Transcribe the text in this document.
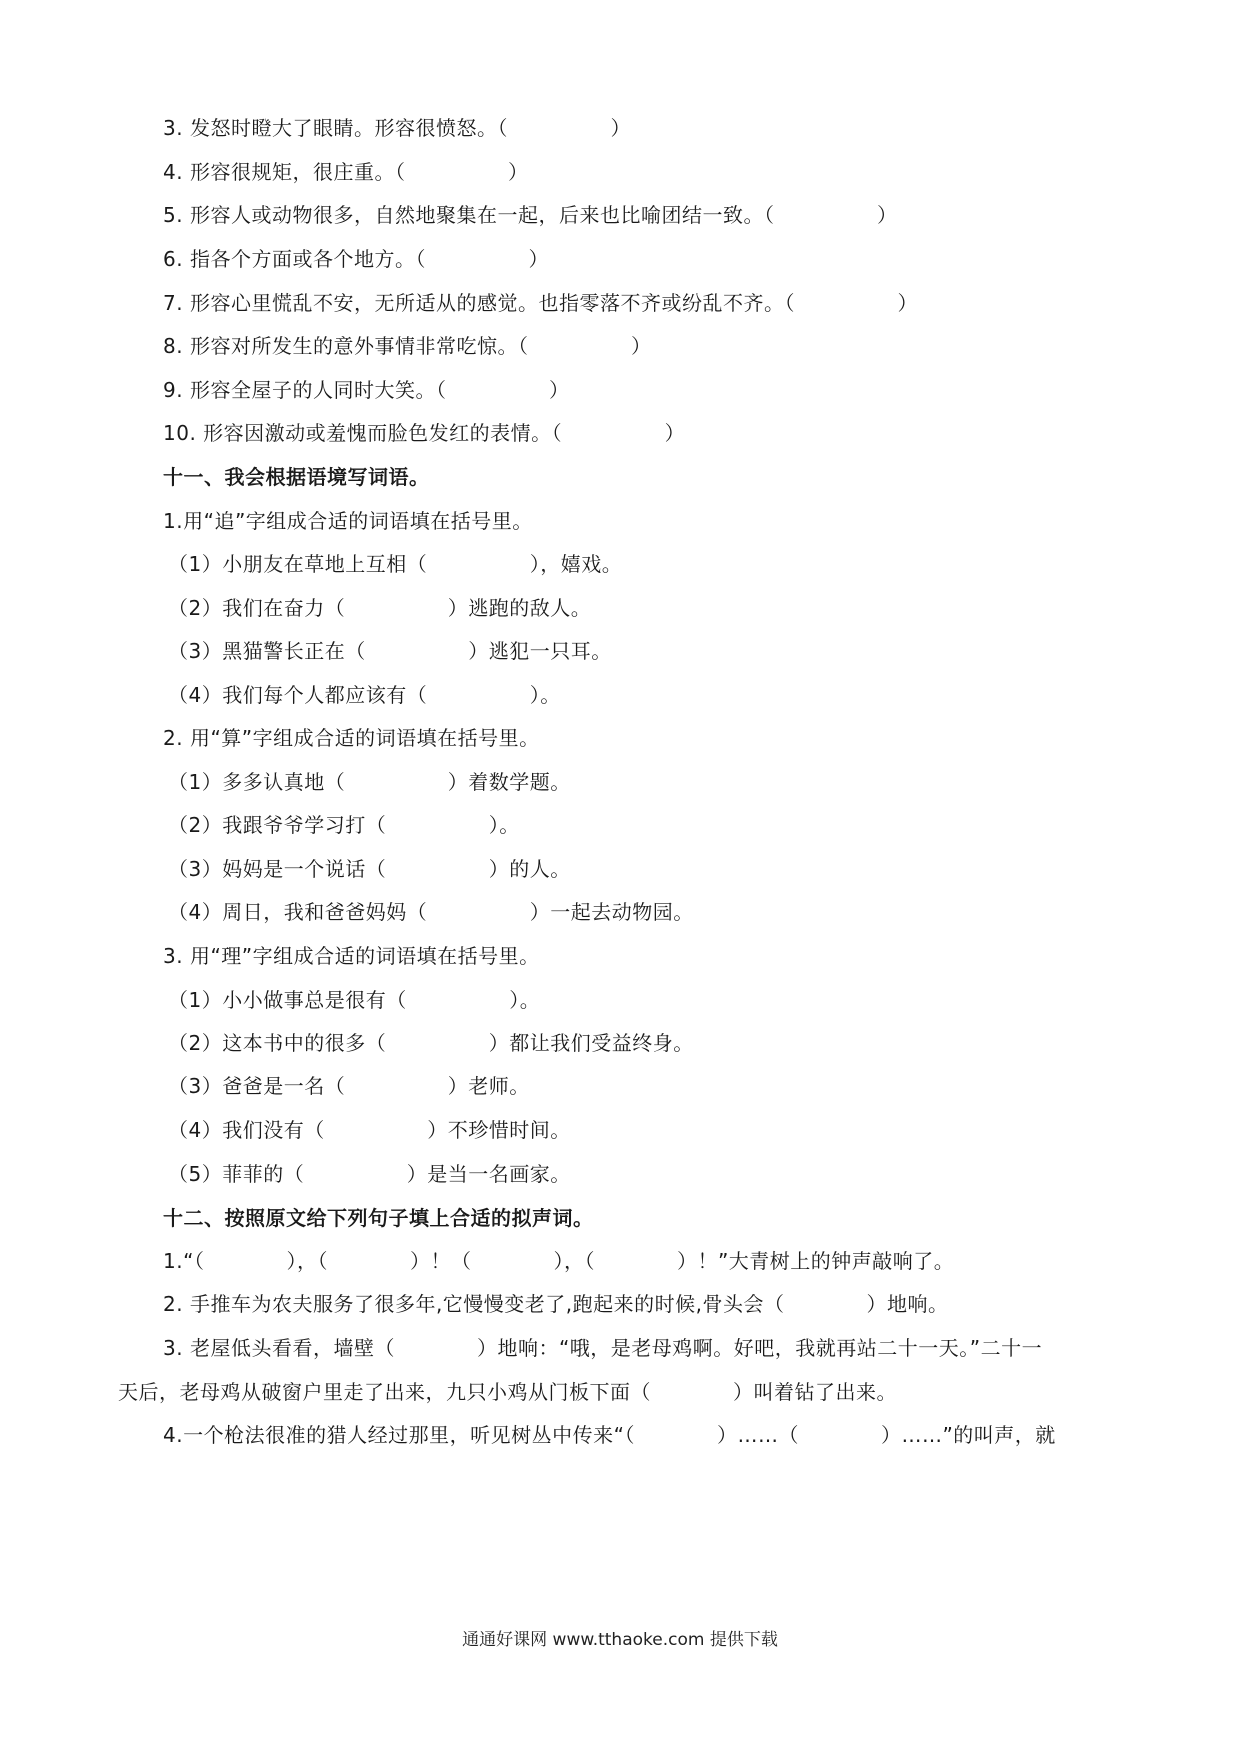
3. 发怒时瞪大了眼睛。形容很愤怒。（　　　　　）
4. 形容很规矩，很庄重。（　　　　　）
5. 形容人或动物很多，自然地聚集在一起，后来也比喻团结一致。（　　　　　）
6. 指各个方面或各个地方。（　　　　　）
7. 形容心里慌乱不安，无所适从的感觉。也指零落不齐或纷乱不齐。（　　　　　）
8. 形容对所发生的意外事情非常吃惊。（　　　　　）
9. 形容全屋子的人同时大笑。（　　　　　）
10. 形容因激动或羞愧而脸色发红的表情。（　　　　　）
十一、我会根据语境写词语。
1.用“追”字组成合适的词语填在括号里。
（1）小朋友在草地上互相（　　　　　），嬉戏。
（2）我们在奋力（　　　　　）逃跑的敌人。
（3）黑猫警长正在（　　　　　）逃犯一只耳。
（4）我们每个人都应该有（　　　　　）。
2. 用“算”字组成合适的词语填在括号里。
（1）多多认真地（　　　　　）着数学题。
（2）我跟爷爷学习打（　　　　　）。
（3）妈妈是一个说话（　　　　　）的人。
（4）周日，我和爸爸妈妈（　　　　　）一起去动物园。
3. 用“理”字组成合适的词语填在括号里。
（1）小小做事总是很有（　　　　　）。
（2）这本书中的很多（　　　　　）都让我们受益终身。
（3）爸爸是一名（　　　　　）老师。
（4）我们没有（　　　　　）不珍惜时间。
（5）菲菲的（　　　　　）是当一名画家。
十二、按照原文给下列句子填上合适的拟声词。
1.“（　　　　），（　　　　）！（　　　　），（　　　　）！”大青树上的钟声敲响了。
2. 手推车为农夫服务了很多年,它慢慢变老了,跑起来的时候,骨头会（　　　　）地响。
3. 老屋低头看看，墙壁（　　　　）地响：“哦，是老母鸡啊。好吧，我就再站二十一天。”二十一
天后，老母鸡从破窗户里走了出来，九只小鸡从门板下面（　　　　）叫着钻了出来。
4.一个枪法很准的猎人经过那里，听见树丛中传来“（　　　　）……（　　　　）……”的叫声，就
通通好课网 www.tthaoke.com 提供下载
